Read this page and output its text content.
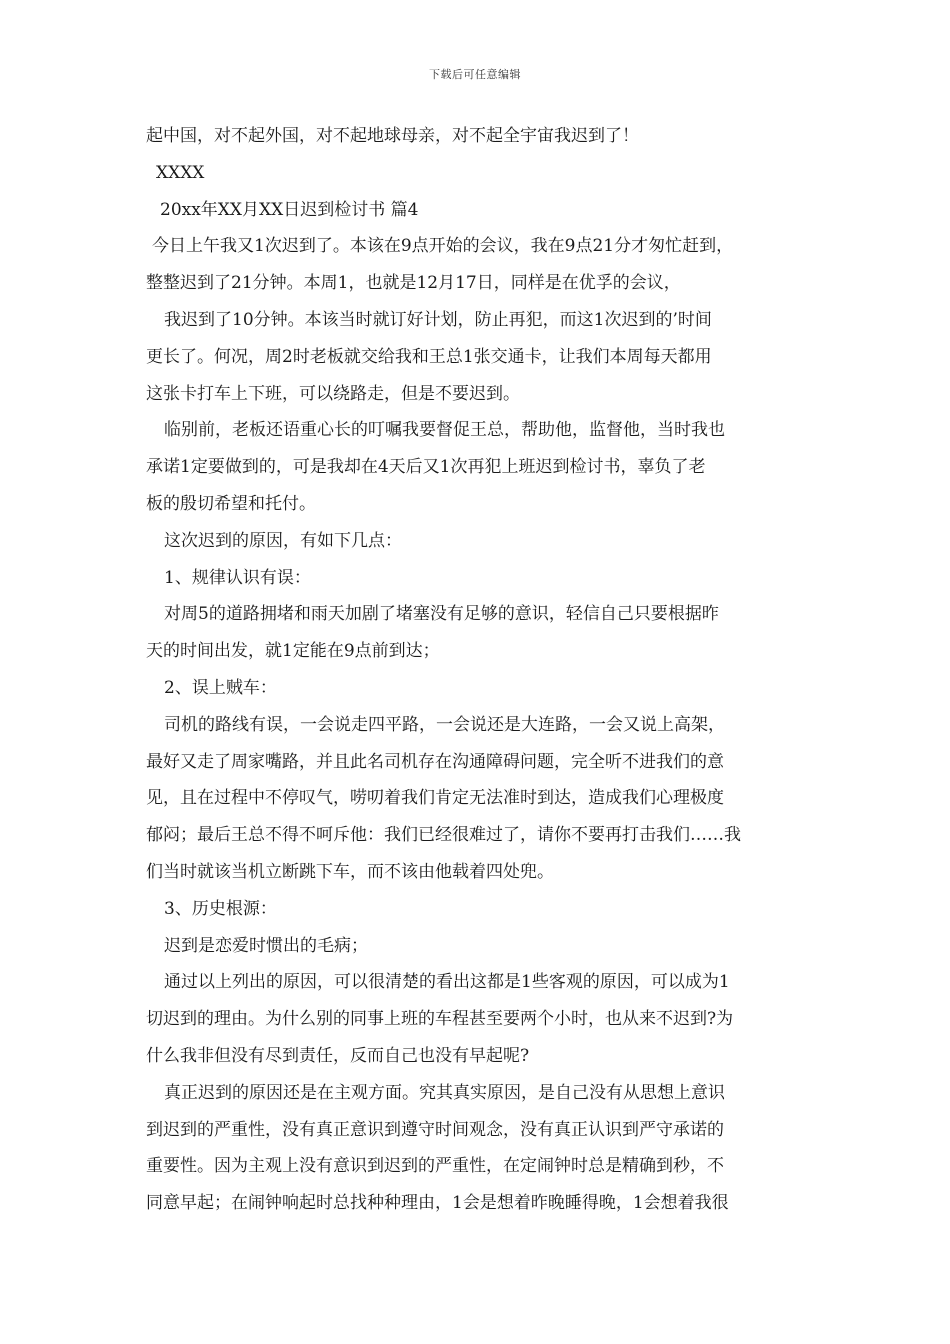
下载后可任意编辑
起中国，对不起外国，对不起地球母亲，对不起全宇宙我迟到了！
XXXX
20xx年XX月XX日迟到检讨书 篇4
今日上午我又1次迟到了。本该在9点开始的会议，我在9点21分才匆忙赶到，
整整迟到了21分钟。本周1，也就是12月17日，同样是在优孚的会议，
我迟到了10分钟。本该当时就订好计划，防止再犯，而这1次迟到的’时间
更长了。何况，周2时老板就交给我和王总1张交通卡，让我们本周每天都用
这张卡打车上下班，可以绕路走，但是不要迟到。
临别前，老板还语重心长的叮嘱我要督促王总，帮助他，监督他，当时我也
承诺1定要做到的，可是我却在4天后又1次再犯上班迟到检讨书，辜负了老
板的殷切希望和托付。
这次迟到的原因，有如下几点：
1、规律认识有误：
对周5的道路拥堵和雨天加剧了堵塞没有足够的意识，轻信自己只要根据昨
天的时间出发，就1定能在9点前到达；
2、误上贼车：
司机的路线有误，一会说走四平路，一会说还是大连路，一会又说上高架，
最好又走了周家嘴路，并且此名司机存在沟通障碍问题，完全听不进我们的意
见，且在过程中不停叹气，唠叨着我们肯定无法准时到达，造成我们心理极度
郁闷；最后王总不得不呵斥他：我们已经很难过了，请你不要再打击我们……我
们当时就该当机立断跳下车，而不该由他载着四处兜。
3、历史根源：
迟到是恋爱时惯出的毛病；
通过以上列出的原因，可以很清楚的看出这都是1些客观的原因，可以成为1
切迟到的理由。为什么别的同事上班的车程甚至要两个小时，也从来不迟到?为
什么我非但没有尽到责任，反而自己也没有早起呢?
真正迟到的原因还是在主观方面。究其真实原因，是自己没有从思想上意识
到迟到的严重性，没有真正意识到遵守时间观念，没有真正认识到严守承诺的
重要性。因为主观上没有意识到迟到的严重性，在定闹钟时总是精确到秒，不
同意早起；在闹钟响起时总找种种理由，1会是想着昨晚睡得晚，1会想着我很
